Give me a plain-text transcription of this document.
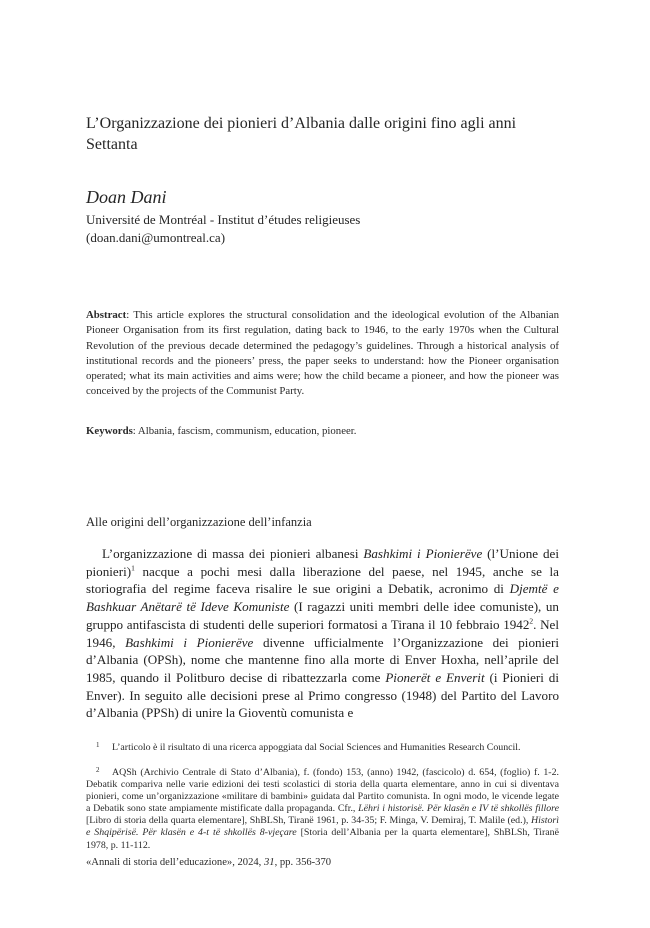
L’Organizzazione dei pionieri d’Albania dalle origini fino agli anni Settanta
Doan Dani
Université de Montréal - Institut d’études religieuses
(doan.dani@umontreal.ca)
Abstract: This article explores the structural consolidation and the ideological evolution of the Albanian Pioneer Organisation from its first regulation, dating back to 1946, to the early 1970s when the Cultural Revolution of the previous decade determined the pedagogy’s guidelines. Through a historical analysis of institutional records and the pioneers’ press, the paper seeks to understand: how the Pioneer organisation operated; what its main activities and aims were; how the child became a pioneer, and how the pioneer was conceived by the projects of the Communist Party.
Keywords: Albania, fascism, communism, education, pioneer.
Alle origini dell’organizzazione dell’infanzia

L’organizzazione di massa dei pionieri albanesi Bashkimi i Pionierëve (l’Unione dei pionieri)$^1$ nacque a pochi mesi dalla liberazione del paese, nel 1945, anche se la storiografia del regime faceva risalire le sue origini a Debatik, acronimo di Djemtë e Bashkuar Anëtarë të Ideve Komuniste (I ragazzi uniti membri delle idee comuniste), un gruppo antifascista di studenti delle superiori formatosi a Tirana il 10 febbraio 1942$^2$. Nel 1946, Bashkimi i Pionierëve divenne ufficialmente l’Organizzazione dei pionieri d’Albania (OPSh), nome che mantenne fino alla morte di Enver Hoxha, nell’aprile del 1985, quando il Politburo decise di ribattezzarla come Pionerët e Enverit (i Pionieri di Enver). In seguito alle decisioni prese al Primo congresso (1948) del Partito del Lavoro d’Albania (PPSh) di unire la Gioventù comunista e

1 L’articolo è il risultato di una ricerca appoggiata dal Social Sciences and Humanities Research Council.
2 AQSh (Archivio Centrale di Stato d’Albania), f. (fondo) 153, (anno) 1942, (fascicolo) d. 654, (foglio) f. 1-2. Debatik compariva nelle varie edizioni dei testi scolastici di storia della quarta elementare, anno in cui si diventava pionieri, come un’organizzazione «militare di bambini» guidata dal Partito comunista. In ogni modo, le vicende legate a Debatik sono state ampiamente mistificate dalla propaganda. Cfr., Lëhri i historisë. Për klasën e IV të shkollës fillore [Libro di storia della quarta elementare], ShBLSh, Tiranë 1961, p. 34-35; F. Minga, V. Demiraj, T. Malile (ed.), Historì e Shqipërisë. Për klasën e 4-t të shkollës 8-vjeçare [Storia dell’Albania per la quarta elementare], ShBLSh, Tiranë 1978, p. 11-112.
«Annali di storia dell’educazione», 2024, 31, pp. 356-370
